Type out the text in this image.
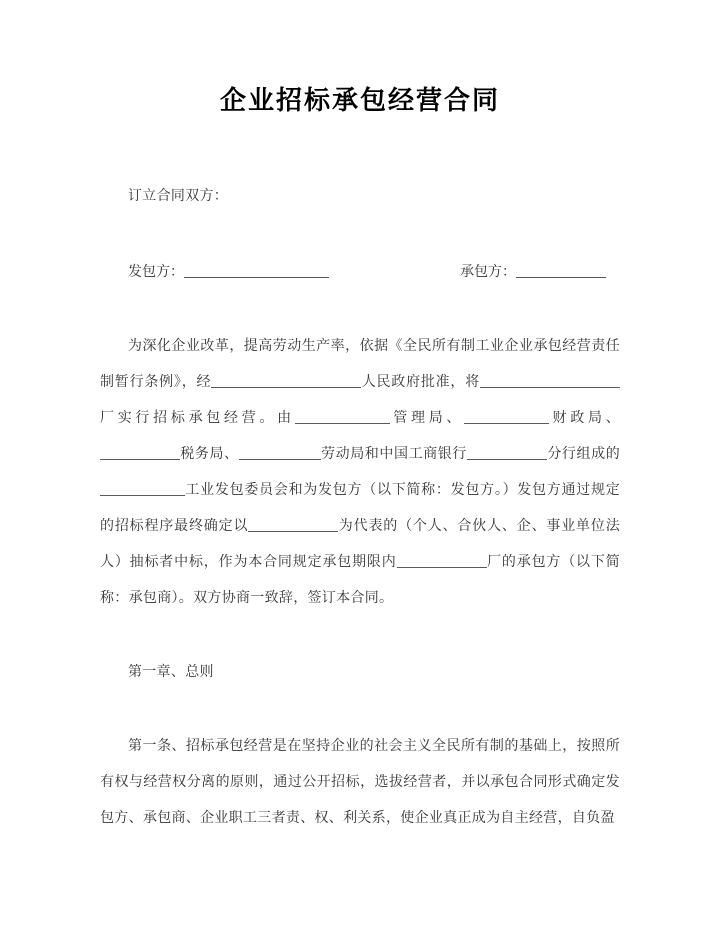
企业招标承包经营合同

订立合同双方：

发包方：	承包方：

为深化企业改革，提高劳动生产率，依据《全民所有制工业企业承包经营责任制暂行条例》，经	人民政府批准，将厂实行招标承包经营。由	管理局、	财政局、税务局、	劳动局和中国工商银行	分行组成的工业发包委员会和为发包方（以下简称：发包方。）发包方通过规定的招标程序最终确定以	为代表的（个人、合伙人、企、事业单位法人）抽标者中标，作为本合同规定承包期限内	厂的承包方（以下简称：承包商）。双方协商一致辞，签订本合同。

第一章、总则

第一条、招标承包经营是在坚持企业的社会主义全民所有制的基础上，按照所有权与经营权分离的原则，通过公开招标，选拔经营者，并以承包合同形式确定发包方、承包商、企业职工三者责、权、利关系，使企业真正成为自主经营，自负盈
